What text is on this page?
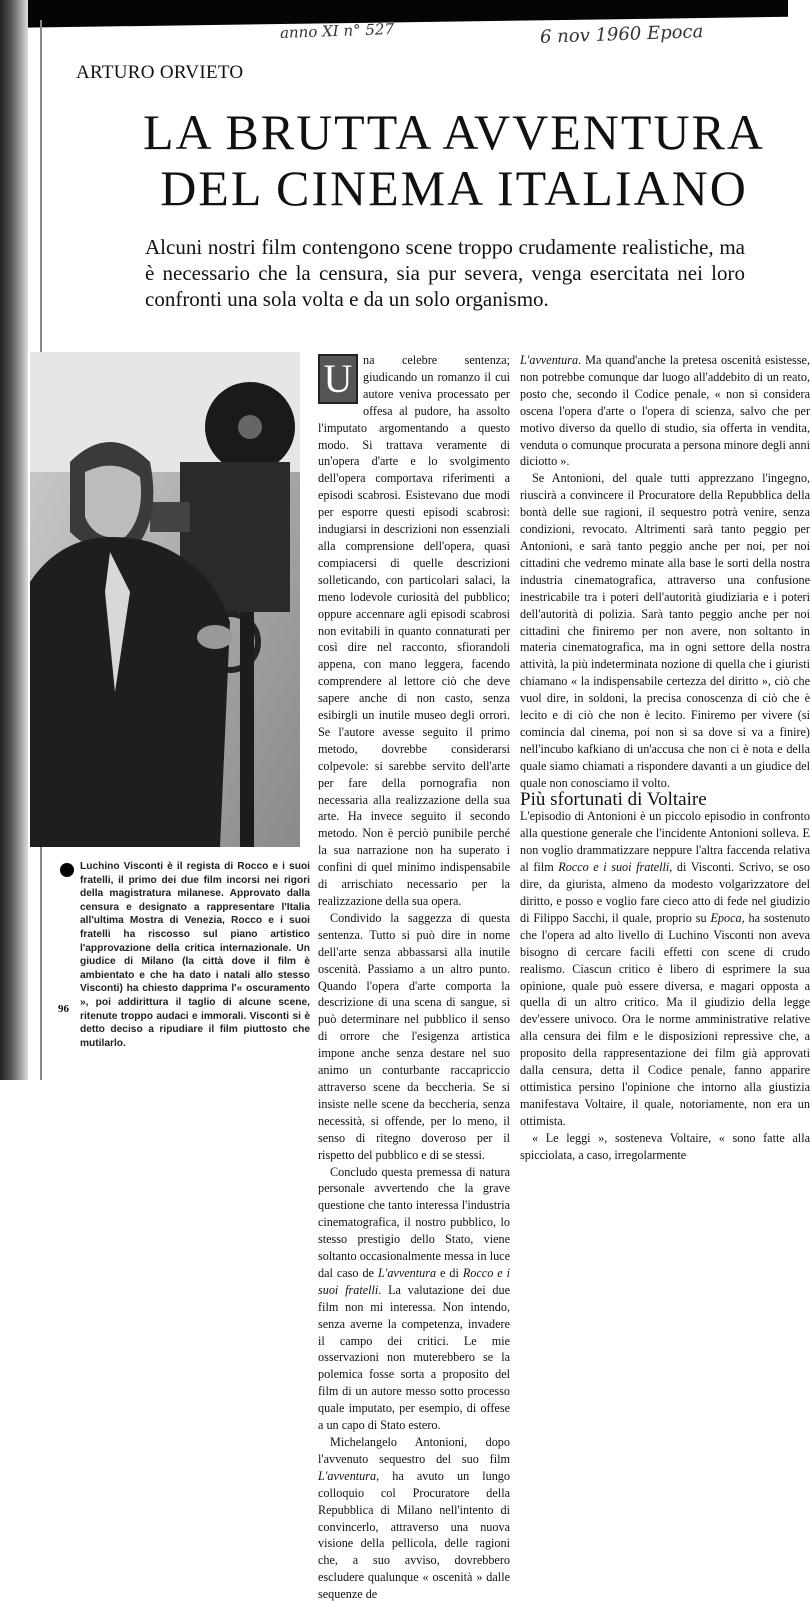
anno XI n° 527	6 nov 1960 Epoca
ARTURO ORVIETO
LA BRUTTA AVVENTURA
DEL CINEMA ITALIANO
Alcuni nostri film contengono scene troppo crudamente realistiche, ma è necessario che la censura, sia pur severa, venga esercitata nei loro confronti una sola volta e da un solo organismo.
Luchino Visconti è il regista di Rocco e i suoi fratelli, il primo dei due film incorsi nei rigori della magistratura milanese. Approvato dalla censura e designato a rappresentare l'Italia all'ultima Mostra di Venezia, Rocco e i suoi fratelli ha riscosso sul piano artistico l'approvazione della critica internazionale. Un giudice di Milano (la città dove il film è ambientato e che ha dato i natali allo stesso Visconti) ha chiesto dapprima l'« oscuramento », poi addirittura il taglio di alcune scene, ritenute troppo audaci e immorali. Visconti si è detto deciso a ripudiare il film piuttosto che mutilarlo.
U na celebre sentenza; giudicando un romanzo il cui autore veniva processato per offesa al pudore, ha assolto l'imputato argomentando a questo modo. Si trattava veramente di un'opera d'arte e lo svolgimento dell'opera comportava riferimenti a episodi scabrosi. Esistevano due modi per esporre questi episodi scabrosi: indugiarsi in descrizioni non essenziali alla comprensione dell'opera, quasi compiacersi di quelle descrizioni solleticando, con particolari salaci, la meno lodevole curiosità del pubblico; oppure accennare agli episodi scabrosi non evitabili in quanto connaturati per così dire nel racconto, sfiorandoli appena, con mano leggera, facendo comprendere al lettore ciò che deve sapere anche di non casto, senza esibirgli un inutile museo degli orrori. Se l'autore avesse seguito il primo metodo, dovrebbe considerarsi colpevole: si sarebbe servito dell'arte per fare della pornografia non necessaria alla realizzazione della sua arte. Ha invece seguito il secondo metodo. Non è perciò punibile perché la sua narrazione non ha superato i confini di quel minimo indispensabile di arrischiato necessario per la realizzazione della sua opera.

Condivido la saggezza di questa sentenza. Tutto si può dire in nome dell'arte senza abbassarsi alla inutile oscenità. Passiamo a un altro punto. Quando l'opera d'arte comporta la descrizione di una scena di sangue, si può determinare nel pubblico il senso di orrore che l'esigenza artistica impone anche senza destare nel suo animo un conturbante raccapriccio attraverso scene da beccheria. Se si insiste nelle scene da beccheria, senza necessità, si offende, per lo meno, il senso di ritegno doveroso per il rispetto del pubblico e di se stessi.

Concludo questa premessa di natura personale avvertendo che la grave questione che tanto interessa l'industria cinematografica, il nostro pubblico, lo stesso prestigio dello Stato, viene soltanto occasionalmente messa in luce dal caso de L'avventura e di Rocco e i suoi fratelli. La valutazione dei due film non mi interessa. Non intendo, senza averne la competenza, invadere il campo dei critici. Le mie osservazioni non muterebbero se la polemica fosse sorta a proposito del film di un autore messo sotto processo quale imputato, per esempio, di offese a un capo di Stato estero.

Michelangelo Antonioni, dopo l'avvenuto sequestro del suo film L'avventura, ha avuto un lungo colloquio col Procuratore della Repubblica di Milano nell'intento di convincerlo, attraverso una nuova visione della pellicola, delle ragioni che, a suo avviso, dovrebbero escludere qualunque « oscenità » dalle sequenze de

L'avventura. Ma quand'anche la pretesa oscenità esistesse, non potrebbe comunque dar luogo all'addebito di un reato, posto che, secondo il Codice penale, « non si considera oscena l'opera d'arte o l'opera di scienza, salvo che per motivo diverso da quello di studio, sia offerta in vendita, venduta o comunque procurata a persona minore degli anni diciotto ».

Se Antonioni, del quale tutti apprezzano l'ingegno, riuscirà a convincere il Procuratore della Repubblica della bontà delle sue ragioni, il sequestro potrà venire, senza condizioni, revocato. Altrimenti sarà tanto peggio per Antonioni, e sarà tanto peggio anche per noi, per noi cittadini che vedremo minate alla base le sorti della nostra industria cinematografica, attraverso una confusione inestricabile tra i poteri dell'autorità giudiziaria e i poteri dell'autorità di polizia. Sarà tanto peggio anche per noi cittadini che finiremo per non avere, non soltanto in materia cinematografica, ma in ogni settore della nostra attività, la più indeterminata nozione di quella che i giuristi chiamano « la indispensabile certezza del diritto », ciò che vuol dire, in soldoni, la precisa conoscenza di ciò che è lecito e di ciò che non è lecito. Finiremo per vivere (si comincia dal cinema, poi non si sa dove si va a finire) nell'incubo kafkiano di un'accusa che non ci è nota e della quale siamo chiamati a rispondere davanti a un giudice del quale non conosciamo il volto.

Più sfortunati di Voltaire

L'episodio di Antonioni è un piccolo episodio in confronto alla questione generale che l'incidente Antonioni solleva. E non voglio drammatizzare neppure l'altra faccenda relativa al film Rocco e i suoi fratelli, di Visconti. Scrivo, se oso dire, da giurista, almeno da modesto volgarizzatore del diritto, e posso e voglio fare cieco atto di fede nel giudizio di Filippo Sacchi, il quale, proprio su Epoca, ha sostenuto che l'opera ad alto livello di Luchino Visconti non aveva bisogno di cercare facili effetti con scene di crudo realismo. Ciascun critico è libero di esprimere la sua opinione, quale può essere diversa, e magari opposta a quella di un altro critico. Ma il giudizio della legge dev'essere univoco. Ora le norme amministrative relative alla censura dei film e le disposizioni repressive che, a proposito della rappresentazione dei film già approvati dalla censura, detta il Codice penale, fanno apparire ottimistica persino l'opinione che intorno alla giustizia manifestava Voltaire, il quale, notoriamente, non era un ottimista.

« Le leggi », sosteneva Voltaire, « sono fatte alla spicciolata, a caso, irregolarmente

96
